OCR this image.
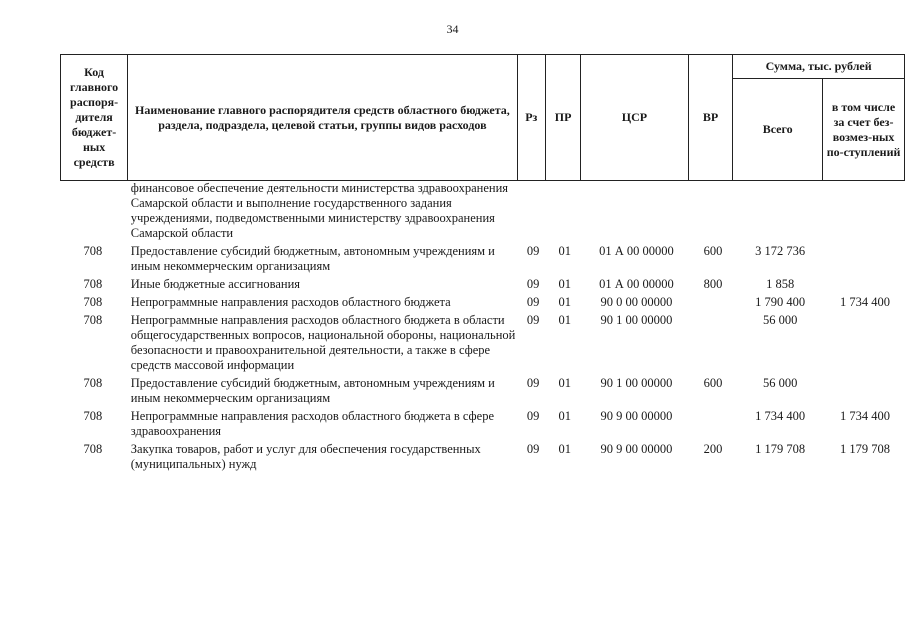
34
Код главного распоря-дителя бюджет-ных средств	Наименование главного распорядителя средств областного бюджета, раздела, подраздела, целевой статьи, группы видов расходов	Рз	ПР	ЦСР	ВР	Сумма, тыс. рублей	
						Всего	в том числе за счет без-возмез-ных по-ступлений
	финансовое обеспечение деятельности министерства здравоохранения Самарской области и выполнение государственного задания учреждениями, подведомственными министерству здравоохранения Самарской области						
708	Предоставление субсидий бюджетным, автономным учреждениям и иным некоммерческим организациям	09	01	01 А 00 00000	600	3 172 736	
708	Иные бюджетные ассигнования	09	01	01 А 00 00000	800	1 858	
708	Непрограммные направления расходов областного бюджета	09	01	90 0 00 00000		1 790 400	1 734 400
708	Непрограммные направления расходов областного бюджета в области общегосударственных вопросов, национальной обороны, национальной безопасности и правоохранительной деятельности, а также в сфере средств массовой информации	09	01	90 1 00 00000		56 000	
708	Предоставление субсидий бюджетным, автономным учреждениям и иным некоммерческим организациям	09	01	90 1 00 00000	600	56 000	
708	Непрограммные направления расходов областного бюджета в сфере здравоохранения	09	01	90 9 00 00000		1 734 400	1 734 400
708	Закупка товаров, работ и услуг для обеспечения государственных (муниципальных) нужд	09	01	90 9 00 00000	200	1 179 708	1 179 708
